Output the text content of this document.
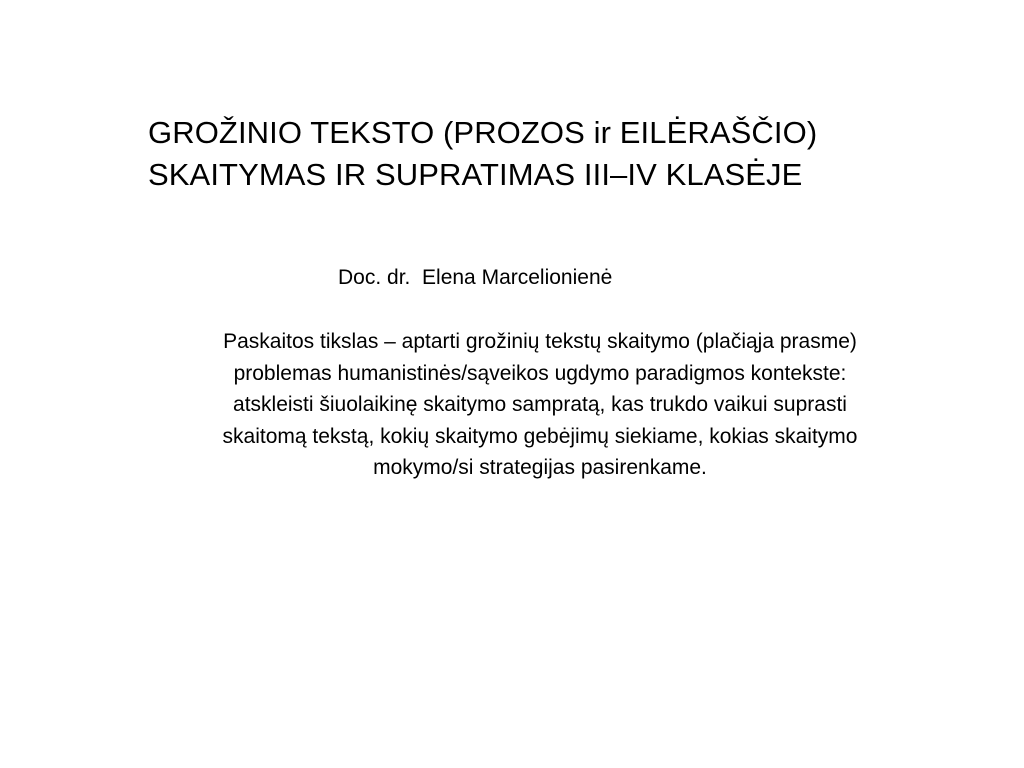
GROŽINIO TEKSTO (PROZOS ir EILĖRAŠČIO)
SKAITYMAS IR SUPRATIMAS III–IV KLASĖJE
Doc. dr.  Elena Marcelionienė
Paskaitos tikslas – aptarti grožinių tekstų skaitymo (plačiąja prasme)
problemas humanistinės/sąveikos ugdymo paradigmos kontekste:
atskleisti šiuolaikinę skaitymo sampratą, kas trukdo vaikui suprasti
skaitomą tekstą, kokių skaitymo gebėjimų siekiame, kokias skaitymo
mokymo/si strategijas pasirenkame.
